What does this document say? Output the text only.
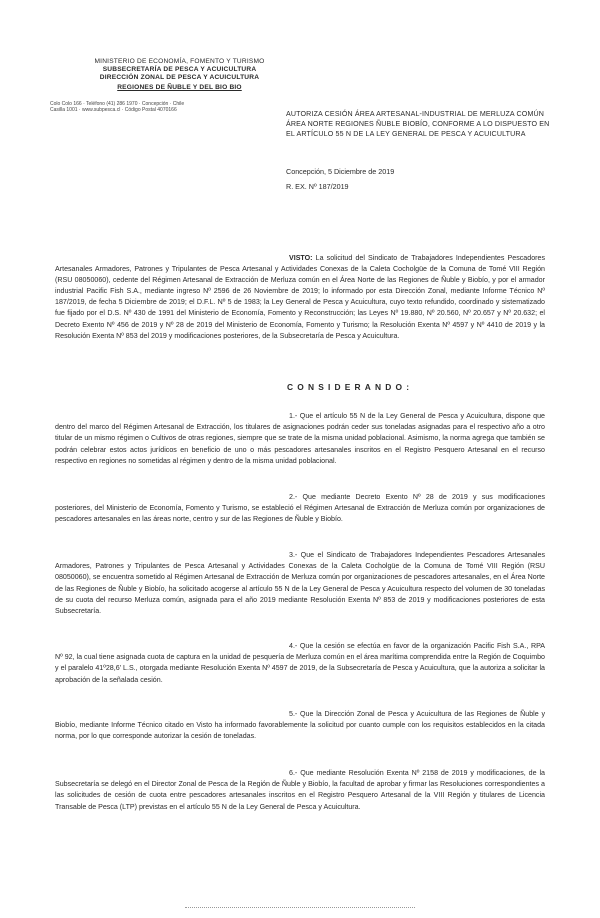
MINISTERIO DE ECONOMÍA, FOMENTO Y TURISMO
SUBSECRETARÍA DE PESCA Y ACUICULTURA
DIRECCIÓN ZONAL DE PESCA Y ACUICULTURA
REGIONES DE ÑUBLE Y DEL BIO BIO
Colo Colo 166 · Teléfono (41) 286 1970 · Concepción · Chile
Casilla 1001 · www.subpesca.cl · Código Postal 4070166	AUTORIZA CESIÓN ÁREA ARTESANAL-INDUSTRIAL DE MERLUZA COMÚN ÁREA NORTE REGIONES ÑUBLE BIOBÍO, CONFORME A LO DISPUESTO EN EL ARTÍCULO 55 N DE LA LEY GENERAL DE PESCA Y ACUICULTURA
Concepción, 5 Diciembre de 2019
R. EX. Nº 187/2019
VISTO: La solicitud del Sindicato de Trabajadores Independientes Pescadores Artesanales Armadores, Patrones y Tripulantes de Pesca Artesanal y Actividades Conexas de la Caleta Cocholgüe de la Comuna de Tomé VIII Región (RSU 08050060), cedente del Régimen Artesanal de Extracción de Merluza común en el Área Norte de las Regiones de Ñuble y Biobío, y por el armador industrial Pacific Fish S.A., mediante ingreso Nº 2596 de 26 Noviembre de 2019; lo informado por esta Dirección Zonal, mediante Informe Técnico Nº 187/2019, de fecha 5 Diciembre de 2019; el D.F.L. Nº 5 de 1983; la Ley General de Pesca y Acuicultura, cuyo texto refundido, coordinado y sistematizado fue fijado por el D.S. Nº 430 de 1991 del Ministerio de Economía, Fomento y Reconstrucción; las Leyes Nº 19.880, Nº 20.560, Nº 20.657 y Nº 20.632; el Decreto Exento Nº 456 de 2019 y Nº 28 de 2019 del Ministerio de Economía, Fomento y Turismo; la Resolución Exenta Nº 4597 y Nº 4410 de 2019 y la Resolución Exenta Nº 853 del 2019 y modificaciones posteriores, de la Subsecretaría de Pesca y Acuicultura.
CONSIDERANDO:
1.- Que el artículo 55 N de la Ley General de Pesca y Acuicultura, dispone que dentro del marco del Régimen Artesanal de Extracción, los titulares de asignaciones podrán ceder sus toneladas asignadas para el respectivo año a otro titular de un mismo régimen o Cultivos de otras regiones, siempre que se trate de la misma unidad poblacional. Asimismo, la norma agrega que también se podrán celebrar estos actos jurídicos en beneficio de uno o más pescadores artesanales inscritos en el Registro Pesquero Artesanal en el recurso respectivo en regiones no sometidas al régimen y dentro de la misma unidad poblacional.
2.- Que mediante Decreto Exento Nº 28 de 2019 y sus modificaciones posteriores, del Ministerio de Economía, Fomento y Turismo, se estableció el Régimen Artesanal de Extracción de Merluza común por organizaciones de pescadores artesanales en las áreas norte, centro y sur de las Regiones de Ñuble y Biobío.
3.- Que el Sindicato de Trabajadores Independientes Pescadores Artesanales Armadores, Patrones y Tripulantes de Pesca Artesanal y Actividades Conexas de la Caleta Cocholgüe de la Comuna de Tomé VIII Región (RSU 08050060), se encuentra sometido al Régimen Artesanal de Extracción de Merluza común por organizaciones de pescadores artesanales, en el Área Norte de las Regiones de Ñuble y Biobío, ha solicitado acogerse al artículo 55 N de la Ley General de Pesca y Acuicultura respecto del volumen de 30 toneladas de su cuota del recurso Merluza común, asignada para el año 2019 mediante Resolución Exenta Nº 853 de 2019 y modificaciones posteriores de esta Subsecretaría.
4.- Que la cesión se efectúa en favor de la organización Pacific Fish S.A., RPA Nº 92, la cual tiene asignada cuota de captura en la unidad de pesquería de Merluza común en el área marítima comprendida entre la Región de Coquimbo y el paralelo 41º28,6' L.S., otorgada mediante Resolución Exenta Nº 4597 de 2019, de la Subsecretaría de Pesca y Acuicultura, que la autoriza a solicitar la aprobación de la señalada cesión.
5.- Que la Dirección Zonal de Pesca y Acuicultura de las Regiones de Ñuble y Biobío, mediante Informe Técnico citado en Visto ha informado favorablemente la solicitud por cuanto cumple con los requisitos establecidos en la citada norma, por lo que corresponde autorizar la cesión de toneladas.
6.- Que mediante Resolución Exenta Nº 2158 de 2019 y modificaciones, de la Subsecretaría se delegó en el Director Zonal de Pesca de la Región de Ñuble y Biobío, la facultad de aprobar y firmar las Resoluciones correspondientes a las solicitudes de cesión de cuota entre pescadores artesanales inscritos en el Registro Pesquero Artesanal de la VIII Región y titulares de Licencia Transable de Pesca (LTP) previstas en el artículo 55 N de la Ley General de Pesca y Acuicultura.
